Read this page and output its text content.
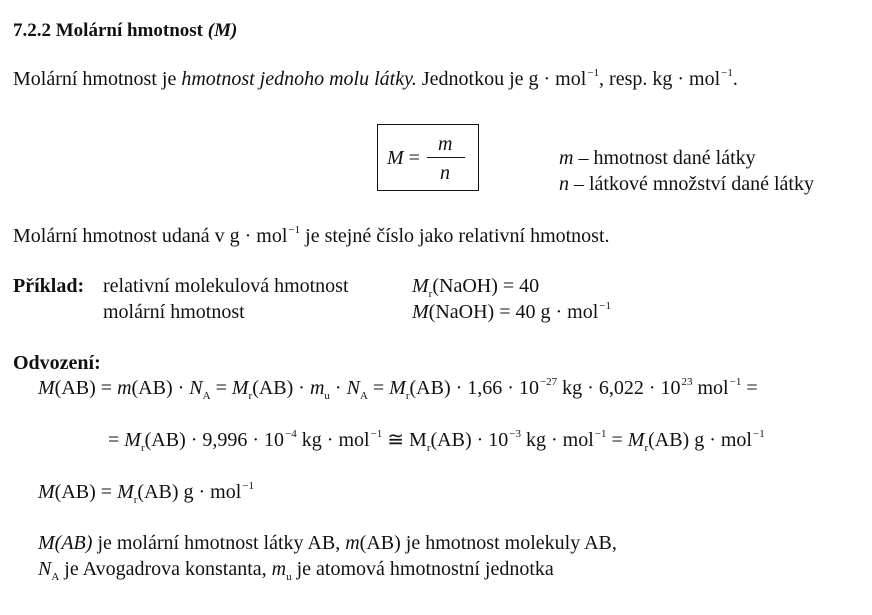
7.2.2 Molární hmotnost (M)
Molární hmotnost je hmotnost jednoho molu látky. Jednotkou je g · mol$^{-1}$, resp. kg · mol$^{-1}$.
M =
m
n
m – hmotnost dané látky
n – látkové množství dané látky
Molární hmotnost udaná v g · mol$^{-1}$ je stejné číslo jako relativní hmotnost.
Příklad: relativní molekulová hmotnost	$M_r(NaOH) = 40$
molární hmotnost	M(NaOH) = 40 g · mol$^{-1}$
Odvození:
$M(AB) = m(AB) \cdot N_A = M_r(AB) \cdot m_u \cdot N_A = M_r(AB) \cdot 1,66 \cdot 10^{-27}$ kg · $6,022 \cdot 10^{23}$ mol$^{-1}$ =
= $M_r(AB) \cdot 9,996 \cdot 10^{-4}$ kg · mol$^{-1}$ ≅ $M_r(AB) \cdot 10^{-3}$ kg · $mol^{-1} = M_r(AB) g \cdot mol^{-1}$
$M(AB) = M_r(AB) g \cdot mol^{-1}$
M(AB) je molární hmotnost látky AB, m(AB) je hmotnost molekuly AB,
$N_A$ je Avogadrova konstanta, $m_u$ je atomová hmotnostní jednotka
